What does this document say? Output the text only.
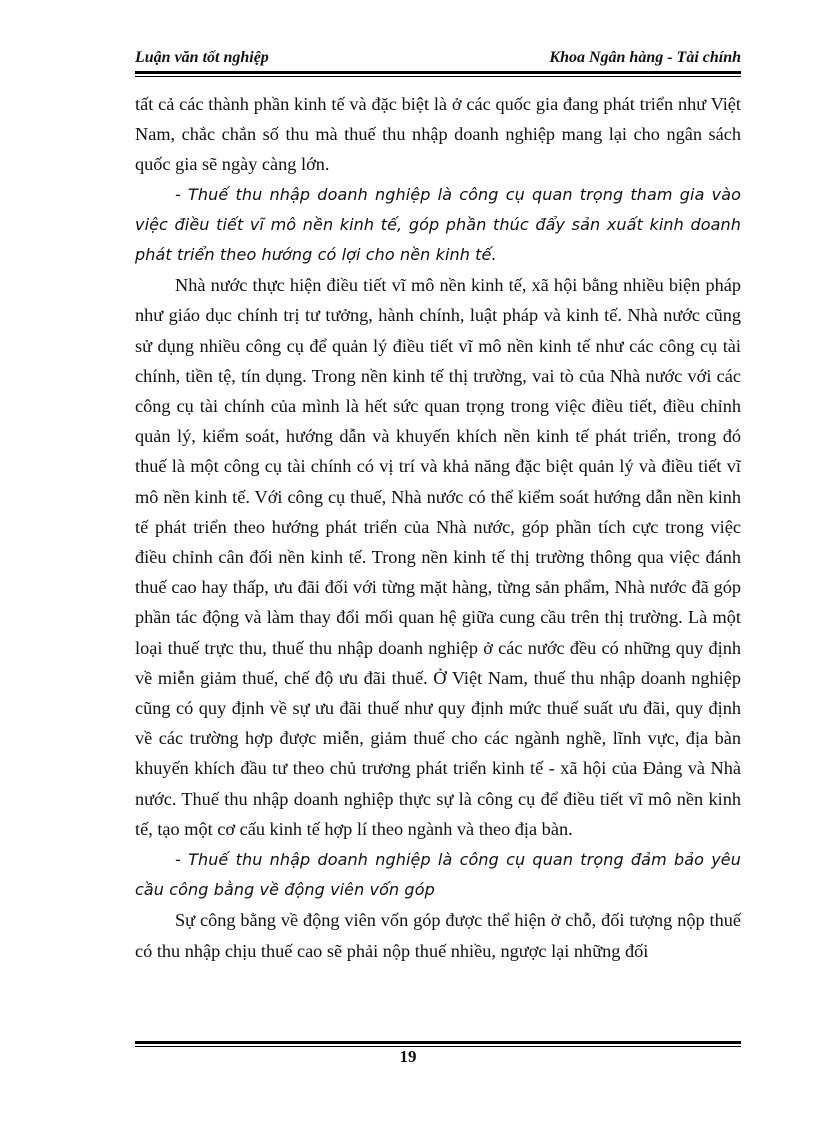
Luận văn tốt nghiệp	Khoa Ngân hàng - Tài chính

tất cả các thành phần kinh tế và đặc biệt là ở các quốc gia đang phát triển như Việt Nam, chắc chắn số thu mà thuế thu nhập doanh nghiệp mang lại cho ngân sách quốc gia sẽ ngày càng lớn.

- Thuế thu nhập doanh nghiệp là công cụ quan trọng tham gia vào việc điều tiết vĩ mô nền kinh tế, góp phần thúc đẩy sản xuất kinh doanh phát triển theo hướng có lợi cho nền kinh tế.

Nhà nước thực hiện điều tiết vĩ mô nền kinh tế, xã hội bằng nhiều biện pháp như giáo dục chính trị tư tưởng, hành chính, luật pháp và kinh tế. Nhà nước cũng sử dụng nhiều công cụ để quản lý điều tiết vĩ mô nền kinh tế như các công cụ tài chính, tiền tệ, tín dụng. Trong nền kinh tế thị trường, vai tò của Nhà nước với các công cụ tài chính của mình là hết sức quan trọng trong việc điều tiết, điều chỉnh quản lý, kiểm soát, hướng dẫn và khuyến khích nền kinh tế phát triển, trong đó thuế là một công cụ tài chính có vị trí và khả năng đặc biệt quản lý và điều tiết vĩ mô nền kinh tế. Với công cụ thuế, Nhà nước có thể kiểm soát hướng dẫn nền kinh tế phát triển theo hướng phát triển của Nhà nước, góp phần tích cực trong việc điều chỉnh cân đối nền kinh tế. Trong nền kinh tế thị trường thông qua việc đánh thuế cao hay thấp, ưu đãi đối với từng mặt hàng, từng sản phẩm, Nhà nước đã góp phần tác động và làm thay đổi mối quan hệ giữa cung cầu trên thị trường. Là một loại thuế trực thu, thuế thu nhập doanh nghiệp ở các nước đều có những quy định về miễn giảm thuế, chế độ ưu đãi thuế. Ở Việt Nam, thuế thu nhập doanh nghiệp cũng có quy định về sự ưu đãi thuế như quy định mức thuế suất ưu đãi, quy định về các trường hợp được miễn, giảm thuế cho các ngành nghề, lĩnh vực, địa bàn khuyến khích đầu tư theo chủ trương phát triển kinh tế - xã hội của Đảng và Nhà nước. Thuế thu nhập doanh nghiệp thực sự là công cụ để điều tiết vĩ mô nền kinh tế, tạo một cơ cấu kinh tế hợp lí theo ngành và theo địa bàn.

- Thuế thu nhập doanh nghiệp là công cụ quan trọng đảm bảo yêu cầu công bằng về động viên vốn góp

Sự công bằng về động viên vốn góp được thể hiện ở chỗ, đối tượng nộp thuế có thu nhập chịu thuế cao sẽ phải nộp thuế nhiều, ngược lại những đối

19
